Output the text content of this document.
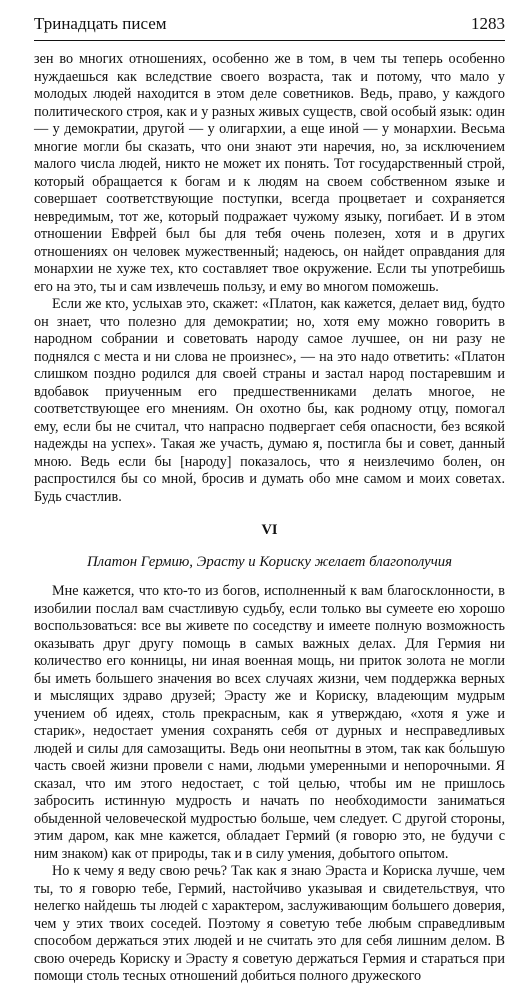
Тринадцать писем	1283

зен во многих отношениях, особенно же в том, в чем ты теперь особенно нуждаешься как вследствие своего возраста, так и потому, что мало у молодых людей находится в этом деле советников. Ведь, право, у каждого политического строя, как и у разных живых существ, свой особый язык: один — у демократии, другой — у олигархии, а еще иной — у монархии. Весьма многие могли бы сказать, что они знают эти наречия, но, за исключением малого числа людей, никто не может их понять. Тот государственный строй, который обращается к богам и к людям на своем собственном языке и совершает соответствующие поступки, всегда процветает и сохраняется невредимым, тот же, который подражает чужому языку, погибает. И в этом отношении Евфрей был бы для тебя очень полезен, хотя и в других отношениях он человек мужественный; надеюсь, он найдет оправдания для монархии не хуже тех, кто составляет твое окружение. Если ты употребишь его на это, ты и сам извлечешь пользу, и ему во многом поможешь.

Если же кто, услыхав это, скажет: «Платон, как кажется, делает вид, будто он знает, что полезно для демократии; но, хотя ему можно говорить в народном собрании и советовать народу самое лучшее, он ни разу не поднялся с места и ни слова не произнес», — на это надо ответить: «Платон слишком поздно родился для своей страны и застал народ постаревшим и вдобавок приученным его предшественниками делать многое, не соответствующее его мнениям. Он охотно бы, как родному отцу, помогал ему, если бы не считал, что напрасно подвергает себя опасности, без всякой надежды на успех». Такая же участь, думаю я, постигла бы и совет, данный мною. Ведь если бы [народу] показалось, что я неизлечимо болен, он распростился бы со мной, бросив и думать обо мне самом и моих советах. Будь счастлив.

VI
Платон Гермию, Эрасту и Кориску желает благополучия

Мне кажется, что кто-то из богов, исполненный к вам благосклонности, в изобилии послал вам счастливую судьбу, если только вы сумеете ею хорошо воспользоваться: все вы живете по соседству и имеете полную возможность оказывать друг другу помощь в самых важных делах. Для Гермия ни количество его конницы, ни иная военная мощь, ни приток золота не могли бы иметь большего значения во всех случаях жизни, чем поддержка верных и мыслящих здраво друзей; Эрасту же и Кориску, владеющим мудрым учением об идеях, столь прекрасным, как я утверждаю, «хотя я уже и старик», недостает умения сохранять себя от дурных и несправедливых людей и силы для самозащиты. Ведь они неопытны в этом, так как бо́льшую часть своей жизни провели с нами, людьми умеренными и непорочными. Я сказал, что им этого недостает, с той целью, чтобы им не пришлось забросить истинную мудрость и начать по необходимости заниматься обыденной человеческой мудростью больше, чем следует. С другой стороны, этим даром, как мне кажется, обладает Гермий (я говорю это, не будучи с ним знаком) как от природы, так и в силу умения, добытого опытом.

Но к чему я веду свою речь? Так как я знаю Эраста и Кориска лучше, чем ты, то я говорю тебе, Гермий, настойчиво указывая и свидетельствуя, что нелегко найдешь ты людей с характером, заслуживающим большего доверия, чем у этих твоих соседей. Поэтому я советую тебе любым справедливым способом держаться этих людей и не считать это для себя лишним делом. В свою очередь Кориску и Эрасту я советую держаться Гермия и стараться при помощи столь тесных отношений добиться полного дружеского
